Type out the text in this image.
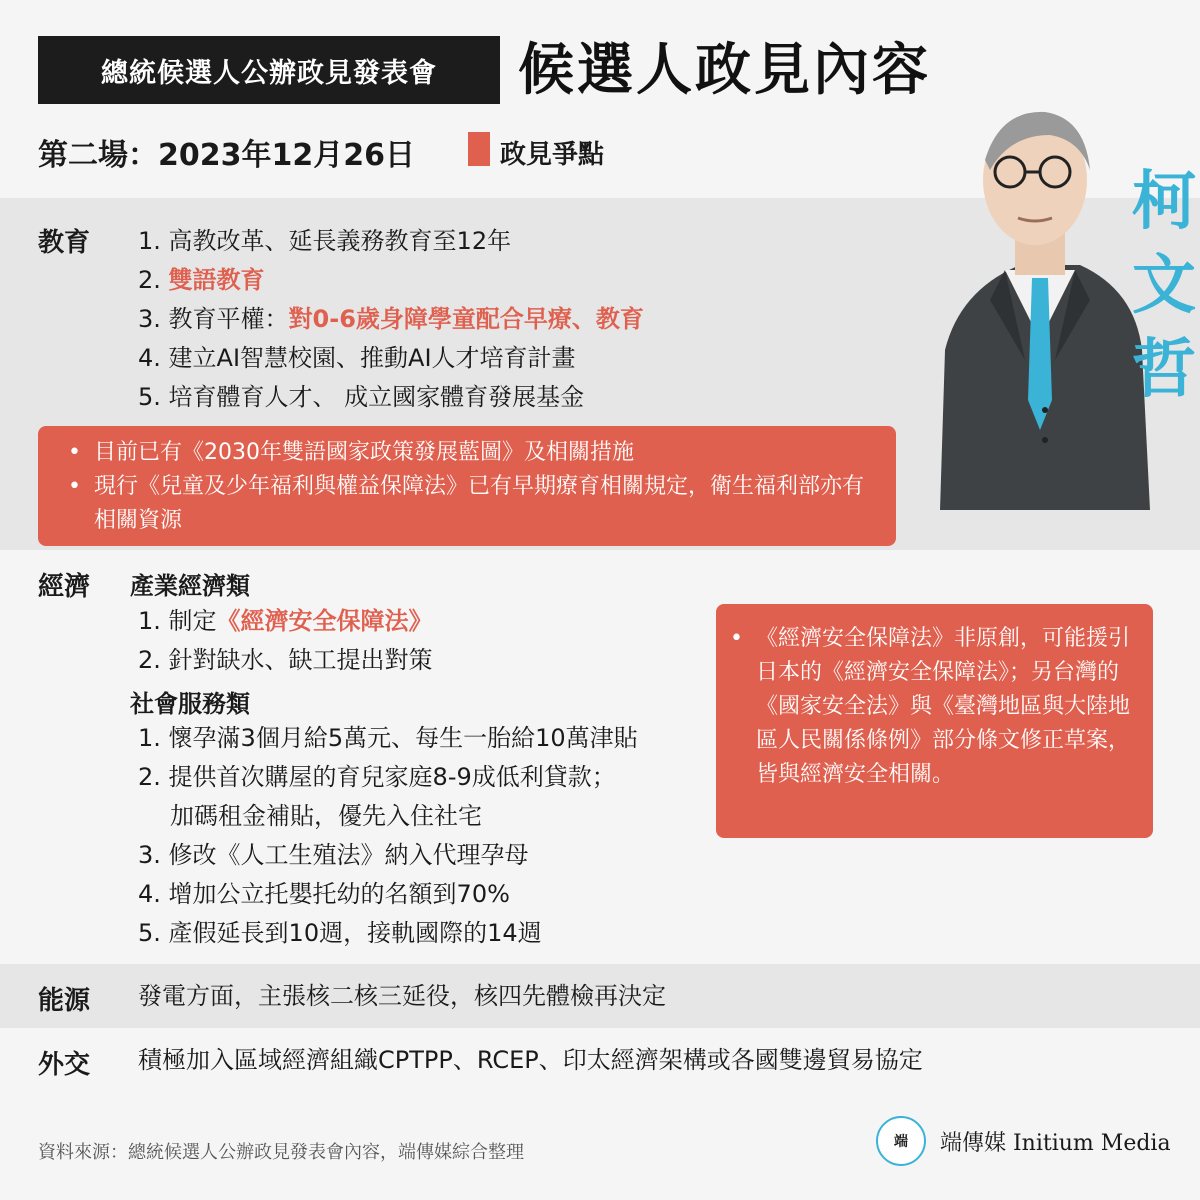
總統候選人公辦政見發表會	候選人政見內容
第二場：2023年12月26日	政見爭點
教育 1. 高教改革、延長義務教育至12年
2. 雙語教育
3. 教育平權：對0-6歲身障學童配合早療、教育
4. 建立AI智慧校園、推動AI人才培育計畫
5. 培育體育人才、 成立國家體育發展基金
• 目前已有《2030年雙語國家政策發展藍圖》及相關措施
• 現行《兒童及少年福利與權益保障法》已有早期療育相關規定，衛生福利部亦有相關資源
柯
文
哲
經濟 產業經濟類
1. 制定《經濟安全保障法》
2. 針對缺水、缺工提出對策
社會服務類
1. 懷孕滿3個月給5萬元、每生一胎給10萬津貼
2. 提供首次購屋的育兒家庭8-9成低利貸款；
加碼租金補貼，優先入住社宅
3. 修改《人工生殖法》納入代理孕母
4. 增加公立托嬰托幼的名額到70%
5. 產假延長到10週，接軌國際的14週
• 《經濟安全保障法》非原創，可能援引日本的《經濟安全保障法》；另台灣的《國家安全法》與《臺灣地區與大陸地區人民關係條例》部分條文修正草案，皆與經濟安全相關。
能源 發電方面，主張核二核三延役，核四先體檢再決定
外交 積極加入區域經濟組織CPTPP、RCEP、印太經濟架構或各國雙邊貿易協定
資料來源：總統候選人公辦政見發表會內容，端傳媒綜合整理	端 端傳媒 Initium Media
